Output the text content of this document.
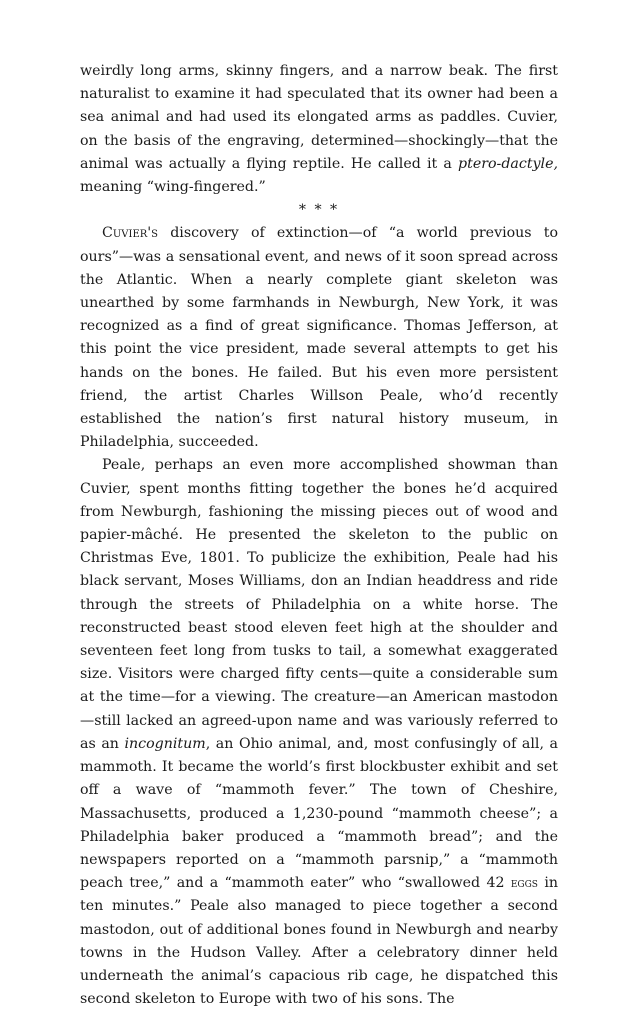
weirdly long arms, skinny fingers, and a narrow beak. The first naturalist to examine it had speculated that its owner had been a sea animal and had used its elongated arms as paddles. Cuvier, on the basis of the engraving, determined—shockingly—that the animal was actually a flying reptile. He called it a ptero-dactyle, meaning “wing-fingered.”

* * *

Cuvier's discovery of extinction—of “a world previous to ours”—was a sensational event, and news of it soon spread across the Atlantic. When a nearly complete giant skeleton was unearthed by some farmhands in Newburgh, New York, it was recognized as a find of great significance. Thomas Jefferson, at this point the vice president, made several attempts to get his hands on the bones. He failed. But his even more persistent friend, the artist Charles Willson Peale, who’d recently established the nation’s first natural history museum, in Philadelphia, succeeded.

Peale, perhaps an even more accomplished showman than Cuvier, spent months fitting together the bones he’d acquired from Newburgh, fashioning the missing pieces out of wood and papier-mâché. He presented the skeleton to the public on Christmas Eve, 1801. To publicize the exhibition, Peale had his black servant, Moses Williams, don an Indian headdress and ride through the streets of Philadelphia on a white horse. The reconstructed beast stood eleven feet high at the shoulder and seventeen feet long from tusks to tail, a somewhat exaggerated size. Visitors were charged fifty cents—quite a considerable sum at the time—for a viewing. The creature—an American mastodon—still lacked an agreed-upon name and was variously referred to as an incognitum, an Ohio animal, and, most confusingly of all, a mammoth. It became the world’s first blockbuster exhibit and set off a wave of “mammoth fever.” The town of Cheshire, Massachusetts, produced a 1,230-pound “mammoth cheese”; a Philadelphia baker produced a “mammoth bread”; and the newspapers reported on a “mammoth parsnip,” a “mammoth peach tree,” and a “mammoth eater” who “swallowed 42 eggs in ten minutes.” Peale also managed to piece together a second mastodon, out of additional bones found in Newburgh and nearby towns in the Hudson Valley. After a celebratory dinner held underneath the animal’s capacious rib cage, he dispatched this second skeleton to Europe with two of his sons. The
